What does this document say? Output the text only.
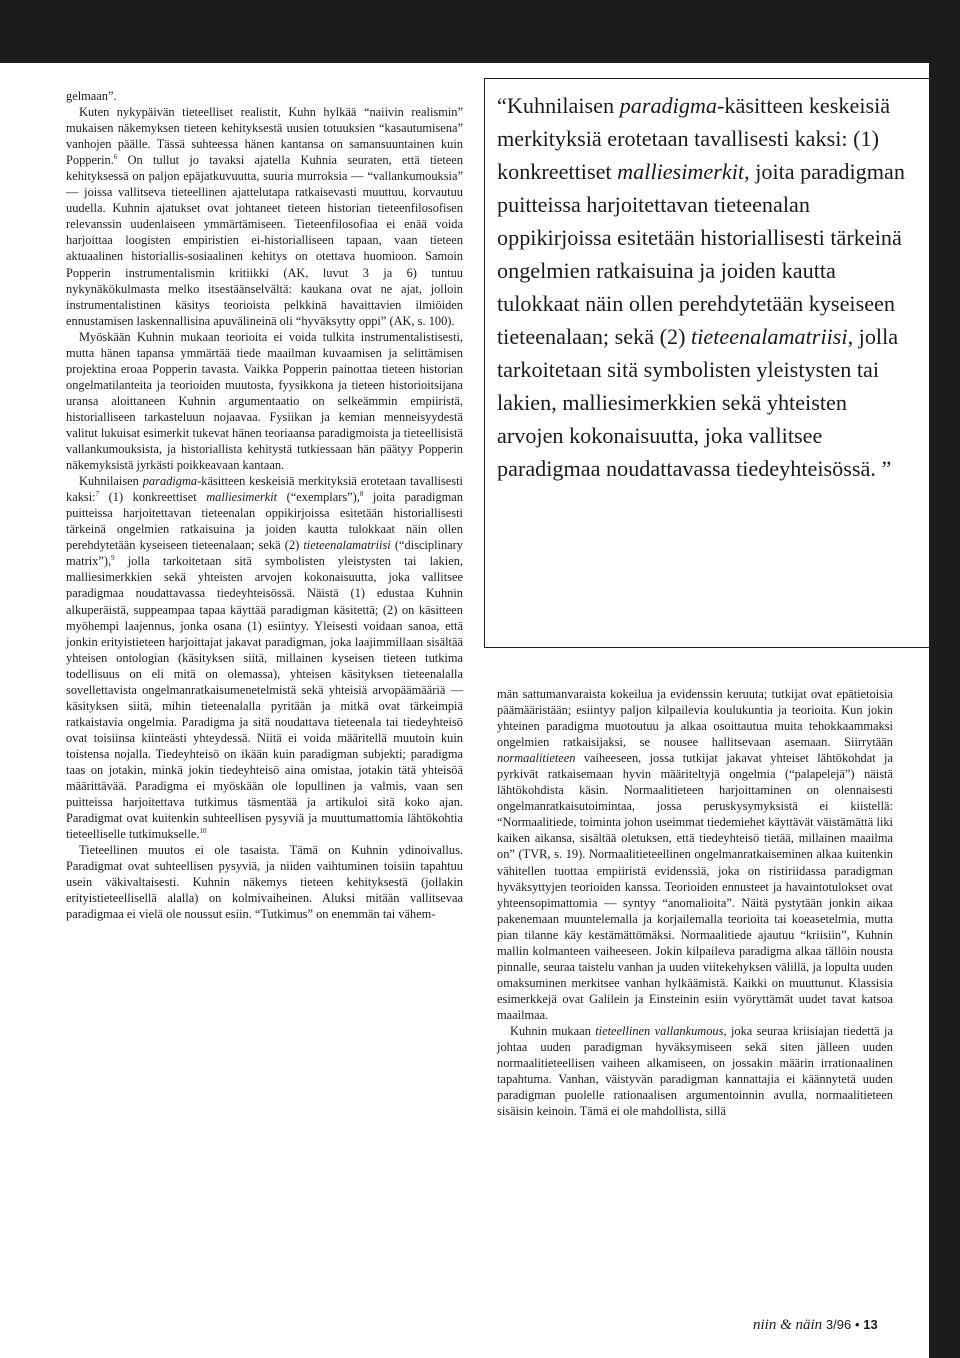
gelmaan”.

Kuten nykypäivän tieteelliset realistit, Kuhn hylkää “naiivin realismin” mukaisen näkemyksen tieteen kehityksestä uusien totuuksien “kasautumisena” vanhojen päälle. Tässä suhteessa hänen kantansa on samansuuntainen kuin Popperin.$^6$ On tullut jo tavaksi ajatella Kuhnia seuraten, että tieteen kehityksessä on paljon epäjatkuvuutta, suuria murroksia — “vallankumouksia” — joissa vallitseva tieteellinen ajattelutapa ratkaisevasti muuttuu, korvautuu uudella. Kuhnin ajatukset ovat johtaneet tieteen historian tieteenfilosofisen relevanssin uudenlaiseen ymmärtämiseen. Tieteenfilosofiaa ei enää voida harjoittaa loogisten empiristien ei-historialliseen tapaan, vaan tieteen aktuaalinen historiallis-sosiaalinen kehitys on otettava huomioon. Samoin Popperin instrumentalismin kritiikki (AK, luvut 3 ja 6) tuntuu nykynäkökulmasta melko itsestäänselvältä: kaukana ovat ne ajat, jolloin instrumentalistinen käsitys teorioista pelkkinä havaittavien ilmiöiden ennustamisen laskennallisina apuvälineinä oli “hyväksytty oppi” (AK, s. 100).

Myöskään Kuhnin mukaan teorioita ei voida tulkita instrumentalistisesti, mutta hänen tapansa ymmärtää tiede maailman kuvaamisen ja selittämisen projektina eroaa Popperin tavasta. Vaikka Popperin painottaa tieteen historian ongelmatilanteita ja teorioiden muutosta, fyysikkona ja tieteen historioitsijana uransa aloittaneen Kuhnin argumentaatio on selkeämmin empiiristä, historialliseen tarkasteluun nojaavaa. Fysiikan ja kemian menneisyydestä valitut lukuisat esimerkit tukevat hänen teoriaansa paradigmoista ja tieteellisistä vallankumouksista, ja historiallista kehitystä tutkiessaan hän päätyy Popperin näkemyksistä jyrkästi poikkeavaan kantaan.

Kuhnilaisen paradigma-käsitteen keskeisiä merkityksiä erotetaan tavallisesti kaksi:$^7$ (1) konkreettiset malliesimerkit (“exemplars”),$^8$ joita paradigman puitteissa harjoitettavan tieteenalan oppikirjoissa esitetään historiallisesti tärkeinä ongelmien ratkaisuina ja joiden kautta tulokkaat näin ollen perehdytetään kyseiseen tieteenalaan; sekä (2) tieteenalamatriisi (“disciplinary matrix”),$^9$ jolla tarkoitetaan sitä symbolisten yleistysten tai lakien, malliesimerkkien sekä yhteisten arvojen kokonaisuutta, joka vallitsee paradigmaa noudattavassa tiedeyhteisössä. Näistä (1) edustaa Kuhnin alkuperäistä, suppeampaa tapaa käyttää paradigman käsitettä; (2) on käsitteen myöhempi laajennus, jonka osana (1) esiintyy. Yleisesti voidaan sanoa, että jonkin erityistieteen harjoittajat jakavat paradigman, joka laajimmillaan sisältää yhteisen ontologian (käsityksen siitä, millainen kyseisen tieteen tutkima todellisuus on eli mitä on olemassa), yhteisen käsityksen tieteenalalla sovellettavista ongelmanratkaisumenetelmistä sekä yhteisiä arvopäämääriä — käsityksen siitä, mihin tieteenalalla pyritään ja mitkä ovat tärkeimpiä ratkaistavia ongelmia. Paradigma ja sitä noudattava tieteenala tai tiedeyhteisö ovat toisiinsa kiinteästi yhteydessä. Niitä ei voida määritellä muutoin kuin toistensa nojalla. Tiedeyhteisö on ikään kuin paradigman subjekti; paradigma taas on jotakin, minkä jokin tiedeyhteisö aina omistaa, jotakin tätä yhteisöä määrittävää. Paradigma ei myöskään ole lopullinen ja valmis, vaan sen puitteissa harjoitettava tutkimus täsmentää ja artikuloi sitä koko ajan. Paradigmat ovat kuitenkin suhteellisen pysyviä ja muuttumattomia lähtökohtia tieteelliselle tutkimukselle.$^{10}$

Tieteellinen muutos ei ole tasaista. Tämä on Kuhnin ydinoivallus. Paradigmat ovat suhteellisen pysyviä, ja niiden vaihtuminen toisiin tapahtuu usein väkivaltaisesti. Kuhnin näkemys tieteen kehityksestä (jollakin erityistieteellisellä alalla) on kolmivaiheinen. Aluksi mitään vallitsevaa paradigmaa ei vielä ole noussut esiin. “Tutkimus” on enemmän tai vähem-

“Kuhnilaisen paradigma-käsitteen keskeisiä merkityksiä erotetaan tavallisesti kaksi: (1) konkreettiset malliesimerkit, joita paradigman puitteissa harjoitettavan tieteenalan oppikirjoissa esitetään historiallisesti tärkeinä ongelmien ratkaisuina ja joiden kautta tulokkaat näin ollen perehdytetään kyseiseen tieteenalaan; sekä (2) tieteenalamatriisi, jolla tarkoitetaan sitä symbolisten yleistysten tai lakien, malliesimerkkien sekä yhteisten arvojen kokonaisuutta, joka vallitsee paradigmaa noudattavassa tiedeyhteisössä. ”

män sattumanvaraista kokeilua ja evidenssin keruuta; tutkijat ovat epätietoisia päämääristään; esiintyy paljon kilpailevia koulukuntia ja teorioita. Kun jokin yhteinen paradigma muotoutuu ja alkaa osoittautua muita tehokkaammaksi ongelmien ratkaisijaksi, se nousee hallitsevaan asemaan. Siirrytään normaalitieteen vaiheeseen, jossa tutkijat jakavat yhteiset lähtökohdat ja pyrkivät ratkaisemaan hyvin määriteltyjä ongelmia (“palapelejä”) näistä lähtökohdista käsin. Normaalitieteen harjoittaminen on olennaisesti ongelmanratkaisutoimintaa, jossa peruskysymyksistä ei kiistellä: “Normaalitiede, toiminta johon useimmat tiedemiehet käyttävät väistämättä liki kaiken aikansa, sisältää oletuksen, että tiedeyhteisö tietää, millainen maailma on” (TVR, s. 19). Normaalitieteellinen ongelmanratkaiseminen alkaa kuitenkin vähitellen tuottaa empiiristä evidenssiä, joka on ristiriidassa paradigman hyväksyttyjen teorioiden kanssa. Teorioiden ennusteet ja havaintotulokset ovat yhteensopimattomia — syntyy “anomalioita”. Näitä pystytään jonkin aikaa pakenemaan muuntelemalla ja korjailemalla teorioita tai koeasetelmia, mutta pian tilanne käy kestämättömäksi. Normaalitiede ajautuu “kriisiin”, Kuhnin mallin kolmanteen vaiheeseen. Jokin kilpaileva paradigma alkaa tällöin nousta pinnalle, seuraa taistelu vanhan ja uuden viitekehyksen välillä, ja lopulta uuden omaksuminen merkitsee vanhan hylkäämistä. Kaikki on muuttunut. Klassisia esimerkkejä ovat Galilein ja Einsteinin esiin vyöryttämät uudet tavat katsoa maailmaa.

Kuhnin mukaan tieteellinen vallankumous, joka seuraa kriisiajan tiedettä ja johtaa uuden paradigman hyväksymiseen sekä siten jälleen uuden normaalitieteellisen vaiheen alkamiseen, on jossakin määrin irrationaalinen tapahtuma. Vanhan, väistyvän paradigman kannattajia ei käännytetä uuden paradigman puolelle rationaalisen argumentoinnin avulla, normaalitieteen sisäisin keinoin. Tämä ei ole mahdollista, sillä

niin & näin 3/96 • 13
